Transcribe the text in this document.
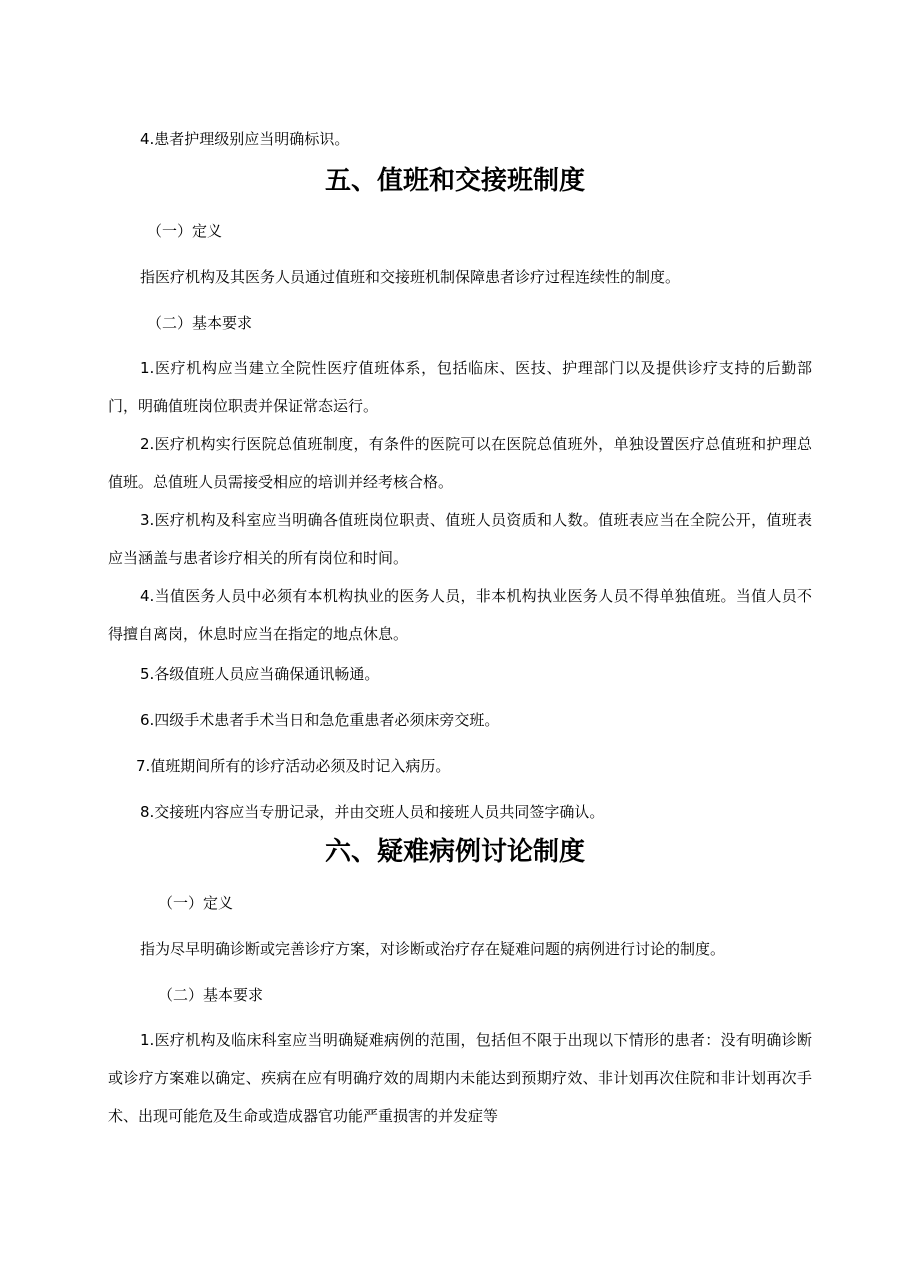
4.患者护理级别应当明确标识。

五、值班和交接班制度

（一）定义

指医疗机构及其医务人员通过值班和交接班机制保障患者诊疗过程连续性的制度。

（二）基本要求

1.医疗机构应当建立全院性医疗值班体系，包括临床、医技、护理部门以及提供诊疗支持的后勤部门，明确值班岗位职责并保证常态运行。

2.医疗机构实行医院总值班制度，有条件的医院可以在医院总值班外，单独设置医疗总值班和护理总值班。总值班人员需接受相应的培训并经考核合格。

3.医疗机构及科室应当明确各值班岗位职责、值班人员资质和人数。值班表应当在全院公开，值班表应当涵盖与患者诊疗相关的所有岗位和时间。

4.当值医务人员中必须有本机构执业的医务人员，非本机构执业医务人员不得单独值班。当值人员不得擅自离岗，休息时应当在指定的地点休息。

5.各级值班人员应当确保通讯畅通。

6.四级手术患者手术当日和急危重患者必须床旁交班。

7.值班期间所有的诊疗活动必须及时记入病历。

8.交接班内容应当专册记录，并由交班人员和接班人员共同签字确认。

六、疑难病例讨论制度

（一）定义

指为尽早明确诊断或完善诊疗方案，对诊断或治疗存在疑难问题的病例进行讨论的制度。

（二）基本要求

1.医疗机构及临床科室应当明确疑难病例的范围，包括但不限于出现以下情形的患者：没有明确诊断或诊疗方案难以确定、疾病在应有明确疗效的周期内未能达到预期疗效、非计划再次住院和非计划再次手术、出现可能危及生命或造成器官功能严重损害的并发症等
